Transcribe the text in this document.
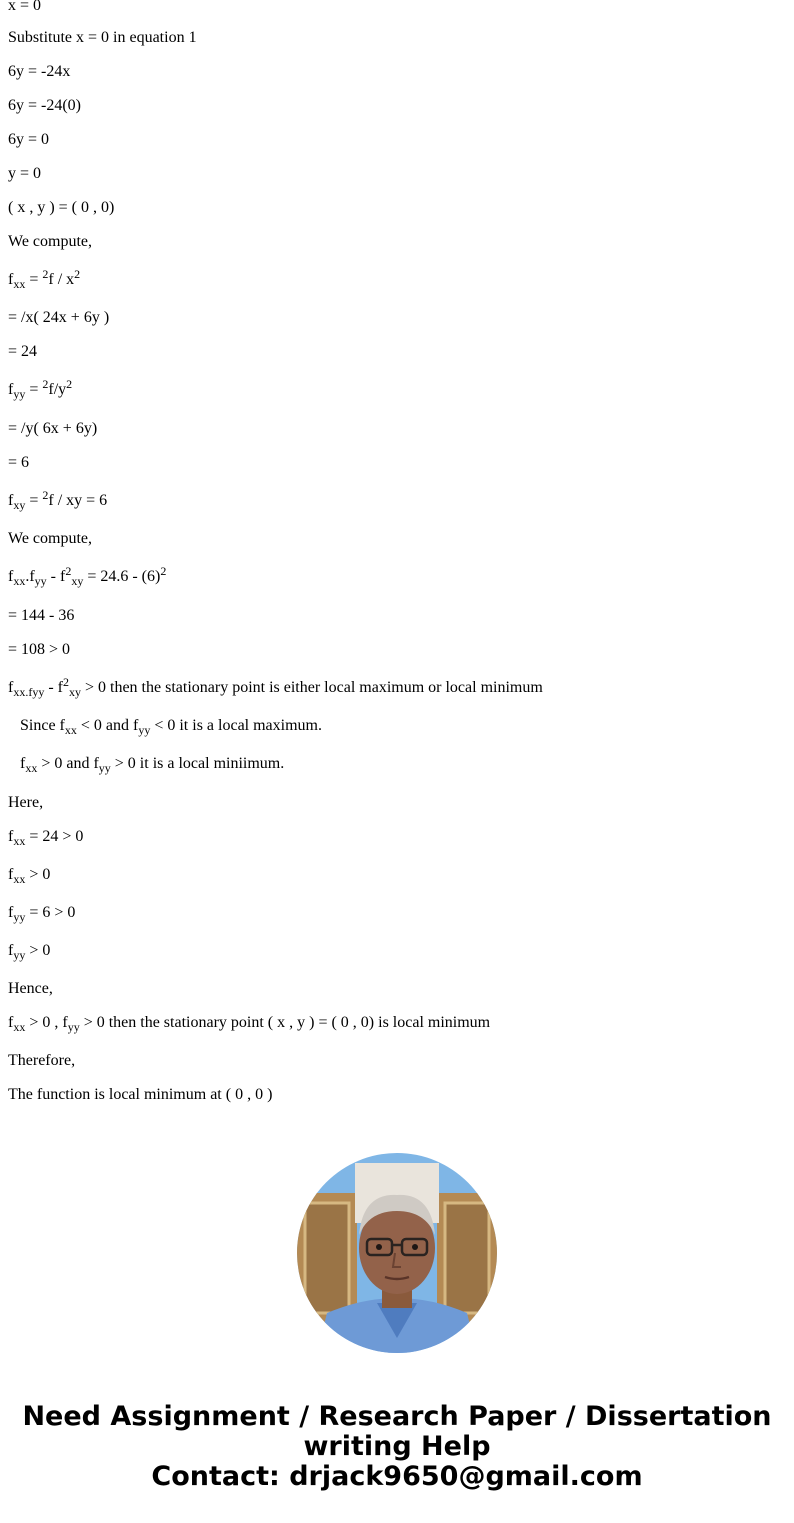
x = 0
Substitute x = 0 in equation 1
6y = -24x
6y = -24(0)
6y = 0
y = 0
( x , y ) = ( 0 , 0)
We compute,
$f_{xx} = ^2f / x^2$
= /x( 24x + 6y )
= 24
$f_{yy} = ^2f/y^2$
= /y( 6x + 6y)
= 6
$f_{xy} = ^2f$ / xy = 6
We compute,
$f_{xx}.f_{yy} - f^2_{xy} = 24.6 - (6)^2$
= 144 - 36
= 108 > 0
$f_{xx.fyy} - f^2_{xy} > 0$ then the stationary point is either local maximum or local minimum
Since $f_{xx} < 0$ and $f_{yy} < 0$ it is a local maximum.
$f_{xx} > 0$ and $f_{yy} > 0$ it is a local miniimum.
Here,
$f_{xx} = 24 > 0$
$f_{xx} > 0$
$f_{yy} = 6 > 0$
$f_{yy} > 0$
Hence,
$f_{xx} > 0$ , $f_{yy} > 0$ then the stationary point ( x , y ) = ( 0 , 0) is local minimum
Therefore,
The function is local minimum at ( 0 , 0 )
Need Assignment / Research Paper / Dissertation
writing Help
Contact: drjack9650@gmail.com
